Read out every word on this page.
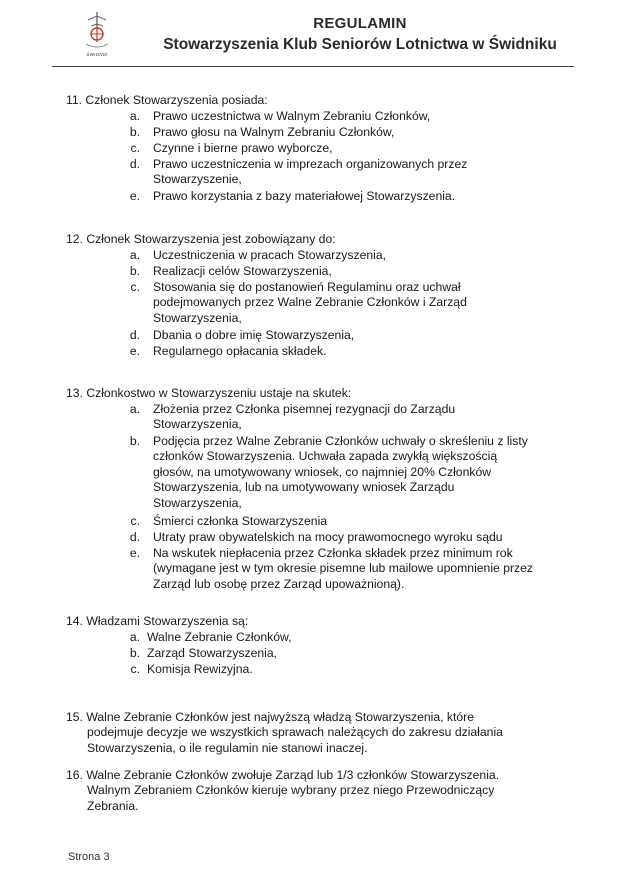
ŚWIDNIK
REGULAMIN
Stowarzyszenia Klub Seniorów Lotnictwa w Świdniku
11. Członek Stowarzyszenia posiada:
a. Prawo uczestnictwa w Walnym Zebraniu Członków,
b. Prawo głosu na Walnym Zebraniu Członków,
c. Czynne i bierne prawo wyborcze,
d. Prawo uczestniczenia w imprezach organizowanych przez
Stowarzyszenie,
e. Prawo korzystania z bazy materiałowej Stowarzyszenia.
12. Członek Stowarzyszenia jest zobowiązany do:
a. Uczestniczenia w pracach Stowarzyszenia,
b. Realizacji celów Stowarzyszenia,
c. Stosowania się do postanowień Regulaminu oraz uchwał
podejmowanych przez Walne Zebranie Członków i Zarząd
Stowarzyszenia,
d. Dbania o dobre imię Stowarzyszenia,
e. Regularnego opłacania składek.
13. Członkostwo w Stowarzyszeniu ustaje na skutek:
a. Złożenia przez Członka pisemnej rezygnacji do Zarządu
Stowarzyszenia,
b. Podjęcia przez Walne Zebranie Członków uchwały o skreśleniu z listy
członków Stowarzyszenia. Uchwała zapada zwykłą większością
głosów, na umotywowany wniosek, co najmniej 20% Członków
Stowarzyszenia, lub na umotywowany wniosek Zarządu
Stowarzyszenia,
c. Śmierci członka Stowarzyszenia
d. Utraty praw obywatelskich na mocy prawomocnego wyroku sądu
e. Na wskutek niepłacenia przez Członka składek przez minimum rok
(wymagane jest w tym okresie pisemne lub mailowe upomnienie przez
Zarząd lub osobę przez Zarząd upoważnioną).
14. Władzami Stowarzyszenia są:
a. Walne Zebranie Członków,
b. Zarząd Stowarzyszenia,
c. Komisja Rewizyjna.
15. Walne Zebranie Członków jest najwyższą władzą Stowarzyszenia, które
podejmuje decyzje we wszystkich sprawach należących do zakresu działania
Stowarzyszenia, o ile regulamin nie stanowi inaczej.
16. Walne Zebranie Członków zwołuje Zarząd lub 1/3 członków Stowarzyszenia.
Walnym Zebraniem Członków kieruje wybrany przez niego Przewodniczący
Zebrania.
Strona 3
